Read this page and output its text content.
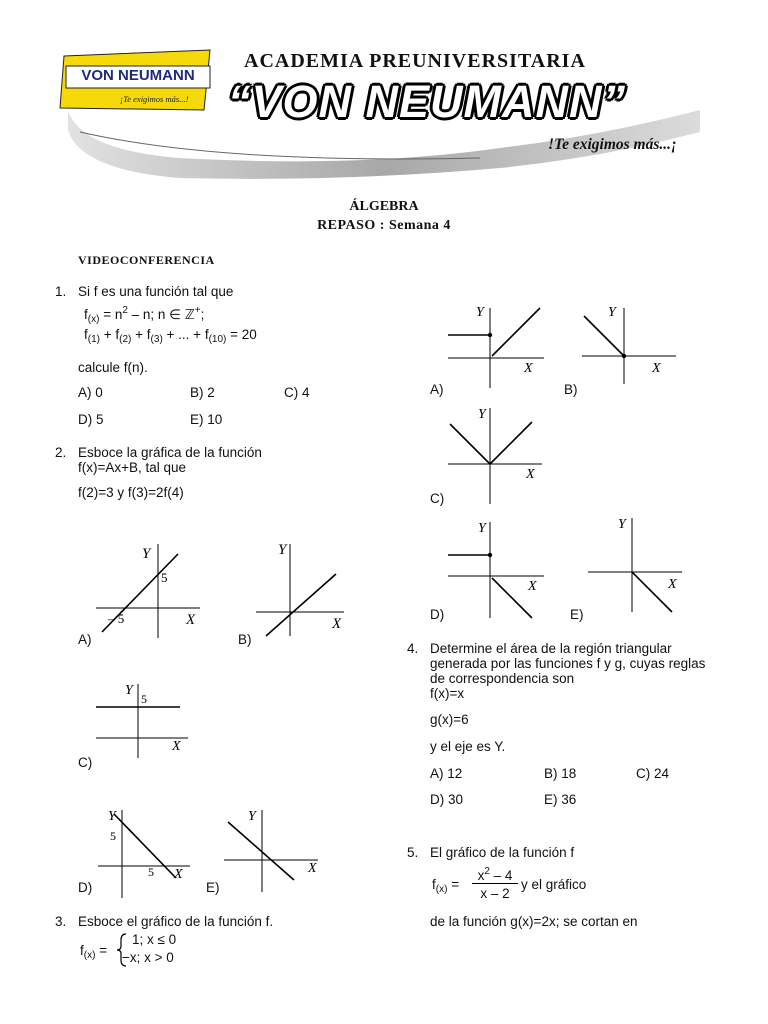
VON NEUMANN
¡Te exigimos más...!
ACADEMIA PREUNIVERSITARIA
“VON NEUMANN”
!Te exigimos más...¡
ÁLGEBRA
REPASO : Semana 4
VIDEOCONFERENCIA
1. Si f es una función tal que
$f_{(x)} = n^2 - n$; n ∈ ℤ+;
$f_{(1)} + f_{(2)} + f_{(3)}$ + ... + $f_{(10)} = 20$
calcule f(n).
A) 0	B) 2	C) 4
D) 5	E) 10
2. Esboce la gráfica de la función
f(x)=Ax+B, tal que
f(2)=3 y f(3)=2f(4)
Y
X
5
– 5
A)
Y
X
B)
Y
5
X
C)
Y
5
5 X
D)
Y
X
E)
3. Esboce el gráfico de la función f.
$f_{(x)}$ =
1; x ≤ 0
−x; x > 0
Y
X
A)
Y
X
B)
Y
X
C)
Y
X
D)
Y
X
E)
4. Determine el área de la región triangular
generada por las funciones f y g, cuyas reglas
de correspondencia son
f(x)=x
g(x)=6
y el eje es Y.
A) 12	B) 18	C) 24
D) 30	E) 36
5. El gráfico de la función f
$f_{(x)}$ =
$x^2 - 4$
x – 2
y el gráfico
de la función g(x)=2x; se cortan en
